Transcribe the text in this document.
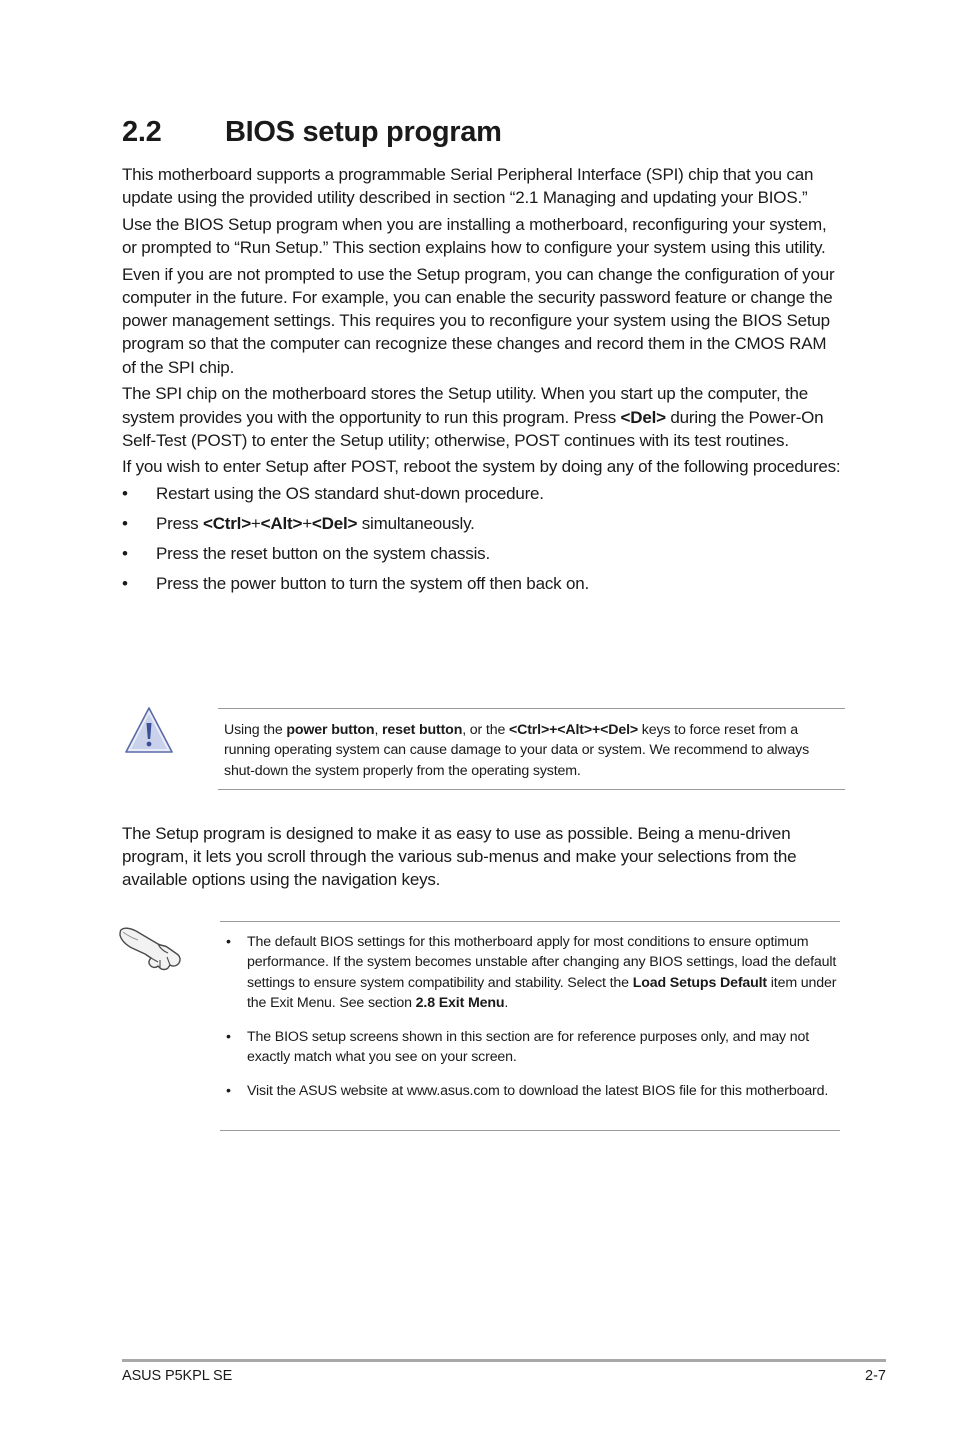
2.2 BIOS setup program

This motherboard supports a programmable Serial Peripheral Interface (SPI) chip that you can update using the provided utility described in section “2.1 Managing and updating your BIOS.”

Use the BIOS Setup program when you are installing a motherboard, reconfiguring your system, or prompted to “Run Setup.” This section explains how to configure your system using this utility.

Even if you are not prompted to use the Setup program, you can change the configuration of your computer in the future. For example, you can enable the security password feature or change the power management settings. This requires you to reconfigure your system using the BIOS Setup program so that the computer can recognize these changes and record them in the CMOS RAM of the SPI chip.

The SPI chip on the motherboard stores the Setup utility. When you start up the computer, the system provides you with the opportunity to run this program. Press <Del> during the Power-On Self-Test (POST) to enter the Setup utility; otherwise, POST continues with its test routines.

If you wish to enter Setup after POST, reboot the system by doing any of the following procedures:

• Restart using the OS standard shut-down procedure.
• Press <Ctrl>+<Alt>+<Del> simultaneously.
• Press the reset button on the system chassis.
• Press the power button to turn the system off then back on.
Using the power button, reset button, or the <Ctrl>+<Alt>+<Del> keys to force reset from a running operating system can cause damage to your data or system. We recommend to always shut-down the system properly from the operating system.
The Setup program is designed to make it as easy to use as possible. Being a menu-driven program, it lets you scroll through the various sub-menus and make your selections from the available options using the navigation keys.
• The default BIOS settings for this motherboard apply for most conditions to ensure optimum performance. If the system becomes unstable after changing any BIOS settings, load the default settings to ensure system compatibility and stability. Select the Load Setups Default item under the Exit Menu. See section 2.8 Exit Menu.
• The BIOS setup screens shown in this section are for reference purposes only, and may not exactly match what you see on your screen.
• Visit the ASUS website at www.asus.com to download the latest BIOS file for this motherboard.
ASUS P5KPL SE	2-7
